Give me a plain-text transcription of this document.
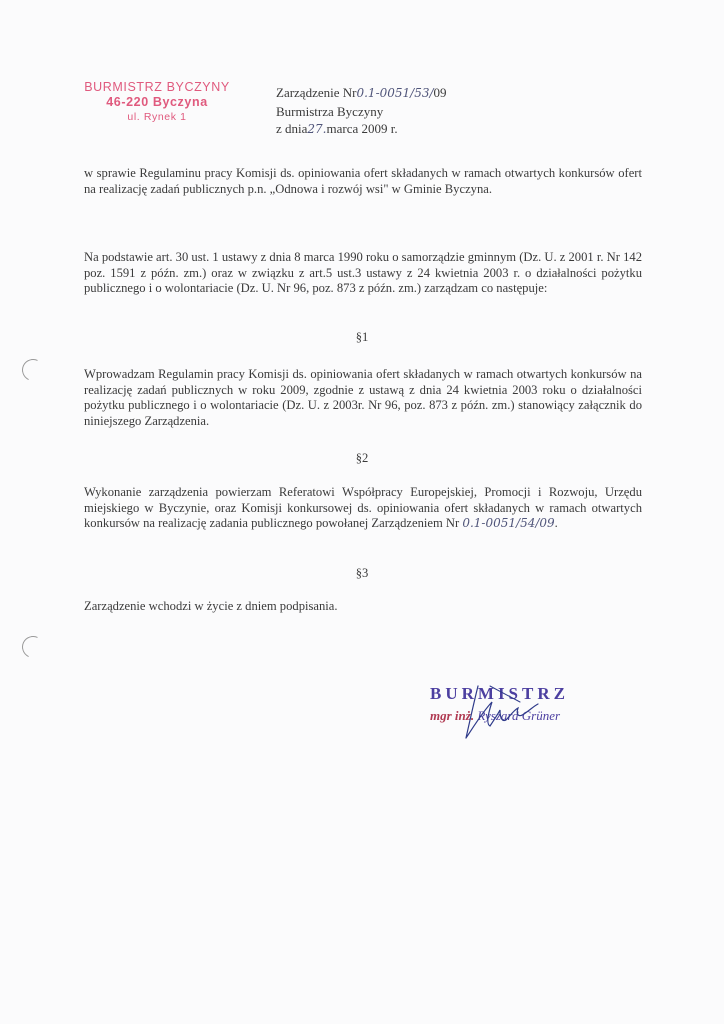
BURMISTRZ BYCZYNY
46-220 Byczyna
ul. Rynek 1
Zarządzenie Nr0.1-0051/53/09
Burmistrza Byczyny
z dnia27.marca 2009 r.
w sprawie Regulaminu pracy Komisji ds. opiniowania ofert składanych w ramach otwartych konkursów ofert na realizację zadań publicznych p.n. „Odnowa i rozwój wsi" w Gminie Byczyna.
Na podstawie art. 30 ust. 1 ustawy z dnia 8 marca 1990 roku o samorządzie gminnym (Dz. U. z 2001 r. Nr 142 poz. 1591 z późn. zm.) oraz w związku z art.5 ust.3 ustawy z 24 kwietnia 2003 r. o działalności pożytku publicznego i o wolontariacie (Dz. U. Nr 96, poz. 873 z późn. zm.) zarządzam co następuje:
§1
Wprowadzam Regulamin pracy Komisji ds. opiniowania ofert składanych w ramach otwartych konkursów na realizację zadań publicznych w roku 2009, zgodnie z ustawą z dnia 24 kwietnia 2003 roku o działalności pożytku publicznego i o wolontariacie (Dz. U. z 2003r. Nr 96, poz. 873 z późn. zm.) stanowiący załącznik do niniejszego Zarządzenia.
§2
Wykonanie zarządzenia powierzam Referatowi Współpracy Europejskiej, Promocji i Rozwoju, Urzędu miejskiego w Byczynie, oraz Komisji konkursowej ds. opiniowania ofert składanych w ramach otwartych konkursów na realizację zadania publicznego powołanej Zarządzeniem Nr 0.1-0051/54/09.
§3
Zarządzenie wchodzi w życie z dniem podpisania.
BURMISTRZ
mgr inż. Ryszard Grüner
